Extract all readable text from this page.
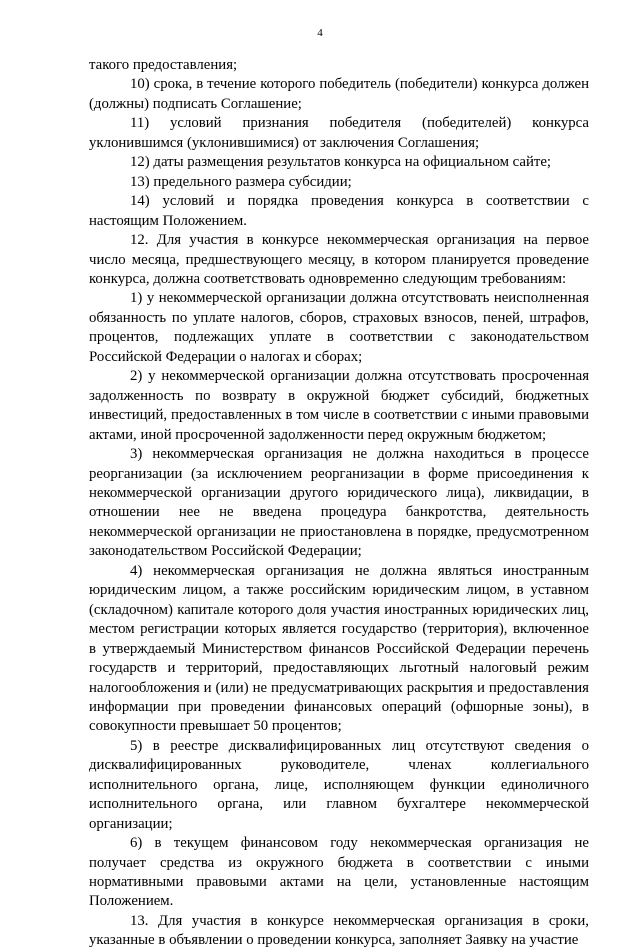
4

такого предоставления;

10) срока, в течение которого победитель (победители) конкурса должен (должны) подписать Соглашение;

11) условий признания победителя (победителей) конкурса уклонившимся (уклонившимися) от заключения Соглашения;

12) даты размещения результатов конкурса на официальном сайте;

13) предельного размера субсидии;

14) условий и порядка проведения конкурса в соответствии с настоящим Положением.

12. Для участия в конкурсе некоммерческая организация на первое число месяца, предшествующего месяцу, в котором планируется проведение конкурса, должна соответствовать одновременно следующим требованиям:

1) у некоммерческой организации должна отсутствовать неисполненная обязанность по уплате налогов, сборов, страховых взносов, пеней, штрафов, процентов, подлежащих уплате в соответствии с законодательством Российской Федерации о налогах и сборах;

2) у некоммерческой организации должна отсутствовать просроченная задолженность по возврату в окружной бюджет субсидий, бюджетных инвестиций, предоставленных в том числе в соответствии с иными правовыми актами, иной просроченной задолженности перед окружным бюджетом;

3) некоммерческая организация не должна находиться в процессе реорганизации (за исключением реорганизации в форме присоединения к некоммерческой организации другого юридического лица), ликвидации, в отношении нее не введена процедура банкротства, деятельность некоммерческой организации не приостановлена в порядке, предусмотренном законодательством Российской Федерации;

4) некоммерческая организация не должна являться иностранным юридическим лицом, а также российским юридическим лицом, в уставном (складочном) капитале которого доля участия иностранных юридических лиц, местом регистрации которых является государство (территория), включенное в утверждаемый Министерством финансов Российской Федерации перечень государств и территорий, предоставляющих льготный налоговый режим налогообложения и (или) не предусматривающих раскрытия и предоставления информации при проведении финансовых операций (офшорные зоны), в совокупности превышает 50 процентов;

5) в реестре дисквалифицированных лиц отсутствуют сведения о дисквалифицированных руководителе, членах коллегиального исполнительного органа, лице, исполняющем функции единоличного исполнительного органа, или главном бухгалтере некоммерческой организации;

6) в текущем финансовом году некоммерческая организация не получает средства из окружного бюджета в соответствии с иными нормативными правовыми актами на цели, установленные настоящим Положением.

13. Для участия в конкурсе некоммерческая организация в сроки, указанные в объявлении о проведении конкурса, заполняет Заявку на участие
